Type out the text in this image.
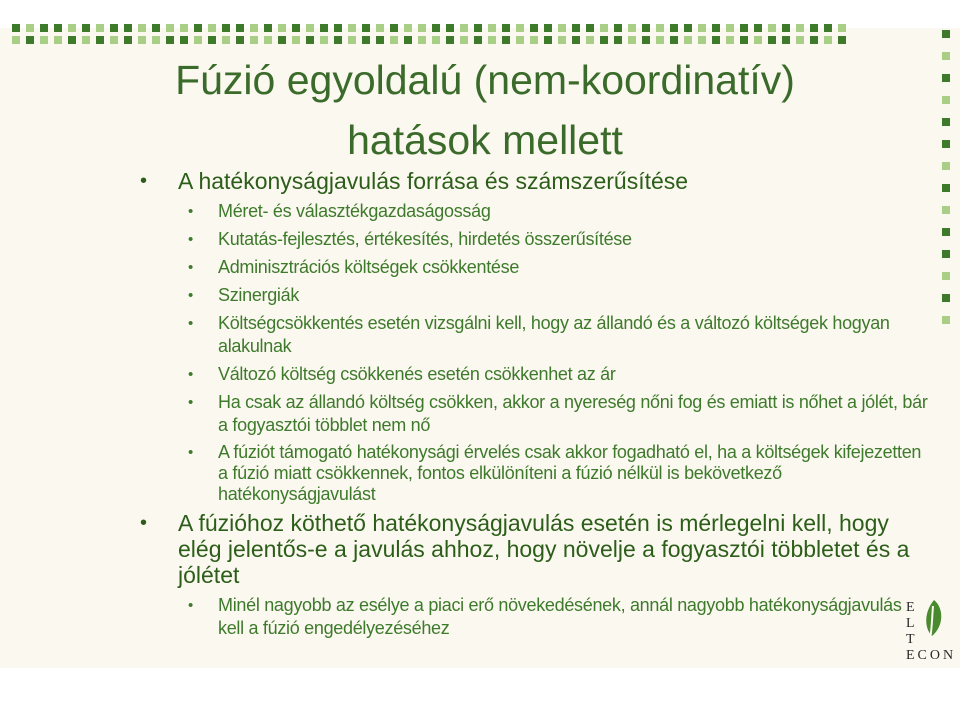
Fúzió egyoldalú (nem-koordinatív)
hatások mellett
• A hatékonyságjavulás forrása és számszerűsítése
• Méret- és választékgazdaságosság
• Kutatás-fejlesztés, értékesítés, hirdetés összerűsítése
• Adminisztrációs költségek csökkentése
• Szinergiák
• Költségcsökkentés esetén vizsgálni kell, hogy az állandó és a változó költségek hogyan alakulnak
• Változó költség csökkenés esetén csökkenhet az ár
• Ha csak az állandó költség csökken, akkor a nyereség nőni fog és emiatt is nőhet a jólét, bár a fogyasztói többlet nem nő
• A fúziót támogató hatékonysági érvelés csak akkor fogadható el, ha a költségek kifejezetten a fúzió miatt csökkennek, fontos elkülöníteni a fúzió nélkül is bekövetkező hatékonyságjavulást
• A fúzióhoz köthető hatékonyságjavulás esetén is mérlegelni kell, hogy elég jelentős-e a javulás ahhoz, hogy növelje a fogyasztói többletet és a jólétet
• Minél nagyobb az esélye a piaci erő növekedésének, annál nagyobb hatékonyságjavulás kell a fúzió engedélyezéséhez
E
L
T
ECON
